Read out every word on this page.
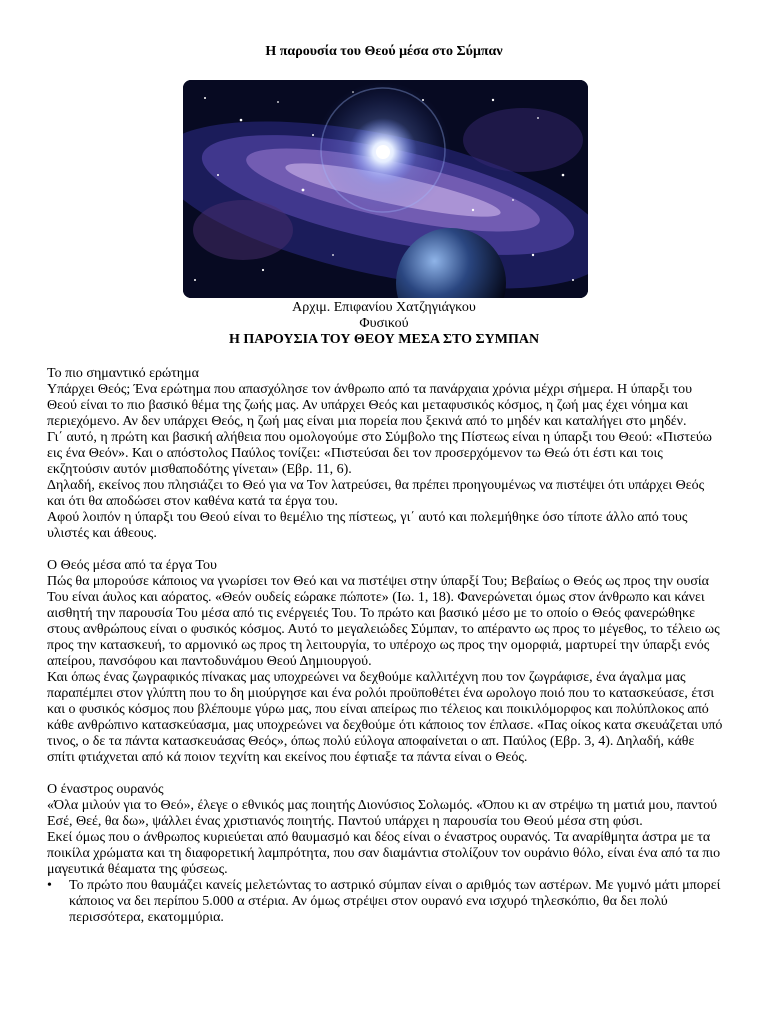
Η παρουσία του Θεού μέσα στο Σύμπαν
Αρχιμ. Επιφανίου Χατζηγιάγκου
Φυσικού
Η ΠΑΡΟΥΣΙΑ ΤΟΥ ΘΕΟΥ ΜΕΣΑ ΣΤΟ ΣΥΜΠΑΝ

Το πιο σημαντικό ερώτημα

Υπάρχει Θεός; Ένα ερώτημα που απασχόλησε τον άνθρωπο από τα πανάρχαια χρόνια μέχρι σήμερα. Η ύπαρξι του Θεού είναι το πιο βασικό θέμα της ζωής μας. Αν υπάρχει Θεός και μεταφυσικός κόσμος, η ζωή μας έχει νόημα και περιεχόμενο. Αν δεν υπάρχει Θεός, η ζωή μας είναι μια πορεία που ξεκινά από το μηδέν και καταλήγει στο μηδέν.

Γι΄ αυτό, η πρώτη και βασική αλήθεια που ομολογούμε στο Σύμβολο της Πίστεως είναι η ύπαρξι του Θεού: «Πιστεύω εις ένα Θεόν». Και ο απόστολος Παύλος τονίζει: «Πιστεύσαι δει τον προσερχόμενον τω Θεώ ότι έστι και τοις εκζητούσιν αυτόν μισθαποδότης γίνεται» (Εβρ. 11, 6).

Δηλαδή, εκείνος που πλησιάζει το Θεό για να Τον λατρεύσει, θα πρέπει προηγουμένως να πιστέψει ότι υπάρχει Θεός και ότι θα αποδώσει στον καθένα κατά τα έργα του.

Αφού λοιπόν η ύπαρξι του Θεού είναι το θεμέλιο της πίστεως, γι΄ αυτό και πολεμήθηκε όσο τίποτε άλλο από τους υλιστές και άθεους.

Ο Θεός μέσα από τα έργα Του

Πώς θα μπορούσε κάποιος να γνωρίσει τον Θεό και να πιστέψει στην ύπαρξί Του; Βεβαίως ο Θεός ως προς την ουσία Του είναι άυλος και αόρατος. «Θεόν ουδείς εώρακε πώποτε» (Ιω. 1, 18). Φανερώνεται όμως στον άνθρωπο και κάνει αισθητή την παρουσία Του μέσα από τις ενέργειές Του. Το πρώτο και βασικό μέσο με το οποίο ο Θεός φανερώθηκε στους ανθρώπους είναι ο φυσικός κόσμος. Αυτό το μεγαλειώδες Σύμπαν, το απέραντο ως προς το μέγεθος, το τέλειο ως προς την κατασκευή, το αρμονικό ως προς τη λειτουργία, το υπέροχο ως προς την ομορφιά, μαρτυρεί την ύπαρξι ενός απείρου, πανσόφου και παντοδυνάμου Θεού Δημιουργού.

Και όπως ένας ζωγραφικός πίνακας μας υποχρεώνει να δεχθούμε καλλιτέχνη που τον ζωγράφισε, ένα άγαλμα μας παραπέμπει στον γλύπτη που το δη μιούργησε και ένα ρολόι προϋποθέτει ένα ωρολογο ποιό που το κατασκεύασε, έτσι και ο φυσικός κόσμος που βλέπουμε γύρω μας, που είναι απείρως πιο τέλειος και ποικιλόμορφος και πολύπλοκος από κάθε ανθρώπινο κατασκεύασμα, μας υποχρεώνει να δεχθούμε ότι κάποιος τον έπλασε. «Πας οίκος κατα σκευάζεται υπό τινος, ο δε τα πάντα κατασκευάσας Θεός», όπως πολύ εύλογα αποφαίνεται ο απ. Παύλος (Εβρ. 3, 4). Δηλαδή, κάθε σπίτι φτιάχνεται από κά ποιον τεχνίτη και εκείνος που έφτιαξε τα πάντα είναι ο Θεός.

Ο έναστρος ουρανός

«Όλα μιλούν για το Θεό», έλεγε ο εθνικός μας ποιητής Διονύσιος Σολωμός. «Όπου κι αν στρέψω τη ματιά μου, παντού Εσέ, Θεέ, θα δω», ψάλλει ένας χριστιανός ποιητής. Παντού υπάρχει η παρουσία του Θεού μέσα στη φύσι.

Εκεί όμως που ο άνθρωπος κυριεύεται από θαυμασμό και δέος είναι ο έναστρος ουρανός. Τα αναρίθμητα άστρα με τα ποικίλα χρώματα και τη διαφορετική λαμπρότητα, που σαν διαμάντια στολίζουν τον ουράνιο θόλο, είναι ένα από τα πιο μαγευτικά θέαματα της φύσεως.

•	Το πρώτο που θαυμάζει κανείς μελετώντας το αστρικό σύμπαν είναι ο αριθμός των αστέρων. Με γυμνό μάτι μπορεί κάποιος να δει περίπου 5.000 α στέρια. Αν όμως στρέψει στον ουρανό ενα ισχυρό τηλεσκόπιο, θα δει πολύ περισσότερα, εκατομμύρια.
